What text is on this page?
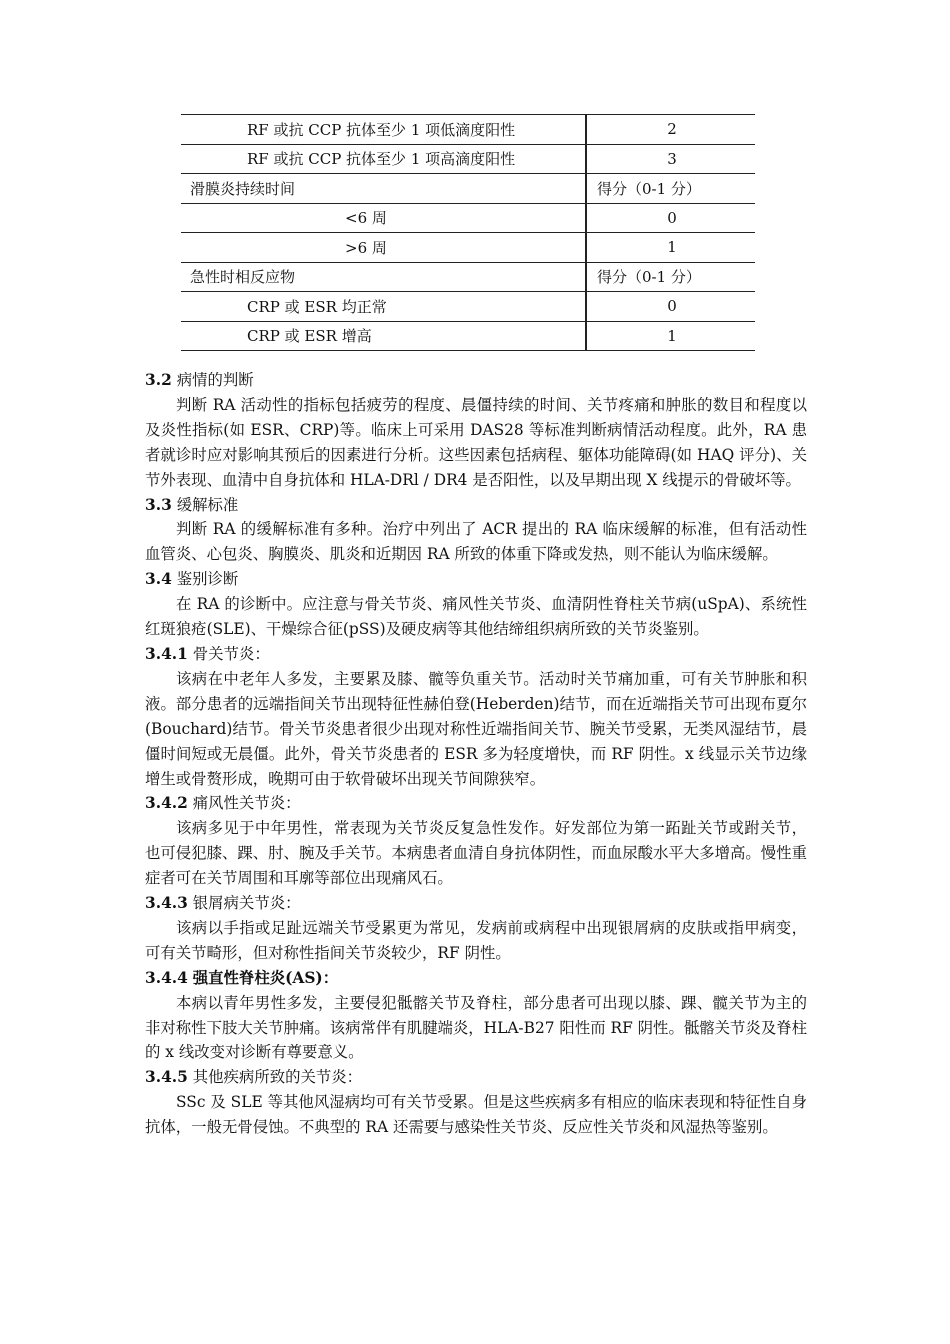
RF 或抗 CCP 抗体至少 1 项低滴度阳性	2
RF 或抗 CCP 抗体至少 1 项高滴度阳性	3
滑膜炎持续时间	得分（0-1 分）
<6 周	0
>6 周	1
急性时相反应物	得分（0-1 分）
CRP 或 ESR 均正常	0
CRP 或 ESR 增高	1

3.2 病情的判断

判断 RA 活动性的指标包括疲劳的程度、晨僵持续的时间、关节疼痛和肿胀的数目和程度以及炎性指标(如 ESR、CRP)等。临床上可采用 DAS28 等标准判断病情活动程度。此外，RA 患者就诊时应对影响其预后的因素进行分析。这些因素包括病程、躯体功能障碍(如 HAQ 评分)、关节外表现、血清中自身抗体和 HLA-DRl / DR4 是否阳性，以及早期出现 X 线提示的骨破坏等。

3.3 缓解标准

判断 RA 的缓解标准有多种。治疗中列出了 ACR 提出的 RA 临床缓解的标准，但有活动性血管炎、心包炎、胸膜炎、肌炎和近期因 RA 所致的体重下降或发热，则不能认为临床缓解。

3.4 鉴别诊断

在 RA 的诊断中。应注意与骨关节炎、痛风性关节炎、血清阴性脊柱关节病(uSpA)、系统性红斑狼疮(SLE)、干燥综合征(pSS)及硬皮病等其他结缔组织病所致的关节炎鉴别。

3.4.1 骨关节炎：

该病在中老年人多发，主要累及膝、髋等负重关节。活动时关节痛加重，可有关节肿胀和积液。部分患者的远端指间关节出现特征性赫伯登(Heberden)结节，而在近端指关节可出现布夏尔(Bouchard)结节。骨关节炎患者很少出现对称性近端指间关节、腕关节受累，无类风湿结节，晨僵时间短或无晨僵。此外，骨关节炎患者的 ESR 多为轻度增快，而 RF 阴性。x 线显示关节边缘增生或骨赘形成，晚期可由于软骨破坏出现关节间隙狭窄。

3.4.2 痛风性关节炎：

该病多见于中年男性，常表现为关节炎反复急性发作。好发部位为第一跖趾关节或跗关节，也可侵犯膝、踝、肘、腕及手关节。本病患者血清自身抗体阴性，而血尿酸水平大多增高。慢性重症者可在关节周围和耳廓等部位出现痛风石。

3.4.3 银屑病关节炎：

该病以手指或足趾远端关节受累更为常见，发病前或病程中出现银屑病的皮肤或指甲病变，可有关节畸形，但对称性指间关节炎较少，RF 阴性。

3.4.4 强直性脊柱炎(AS)：

本病以青年男性多发，主要侵犯骶髂关节及脊柱，部分患者可出现以膝、踝、髋关节为主的非对称性下肢大关节肿痛。该病常伴有肌腱端炎，HLA-B27 阳性而 RF 阴性。骶髂关节炎及脊柱的 x 线改变对诊断有尊要意义。

3.4.5 其他疾病所致的关节炎：

SSc 及 SLE 等其他风湿病均可有关节受累。但是这些疾病多有相应的临床表现和特征性自身抗体，一般无骨侵蚀。不典型的 RA 还需要与感染性关节炎、反应性关节炎和风湿热等鉴别。
